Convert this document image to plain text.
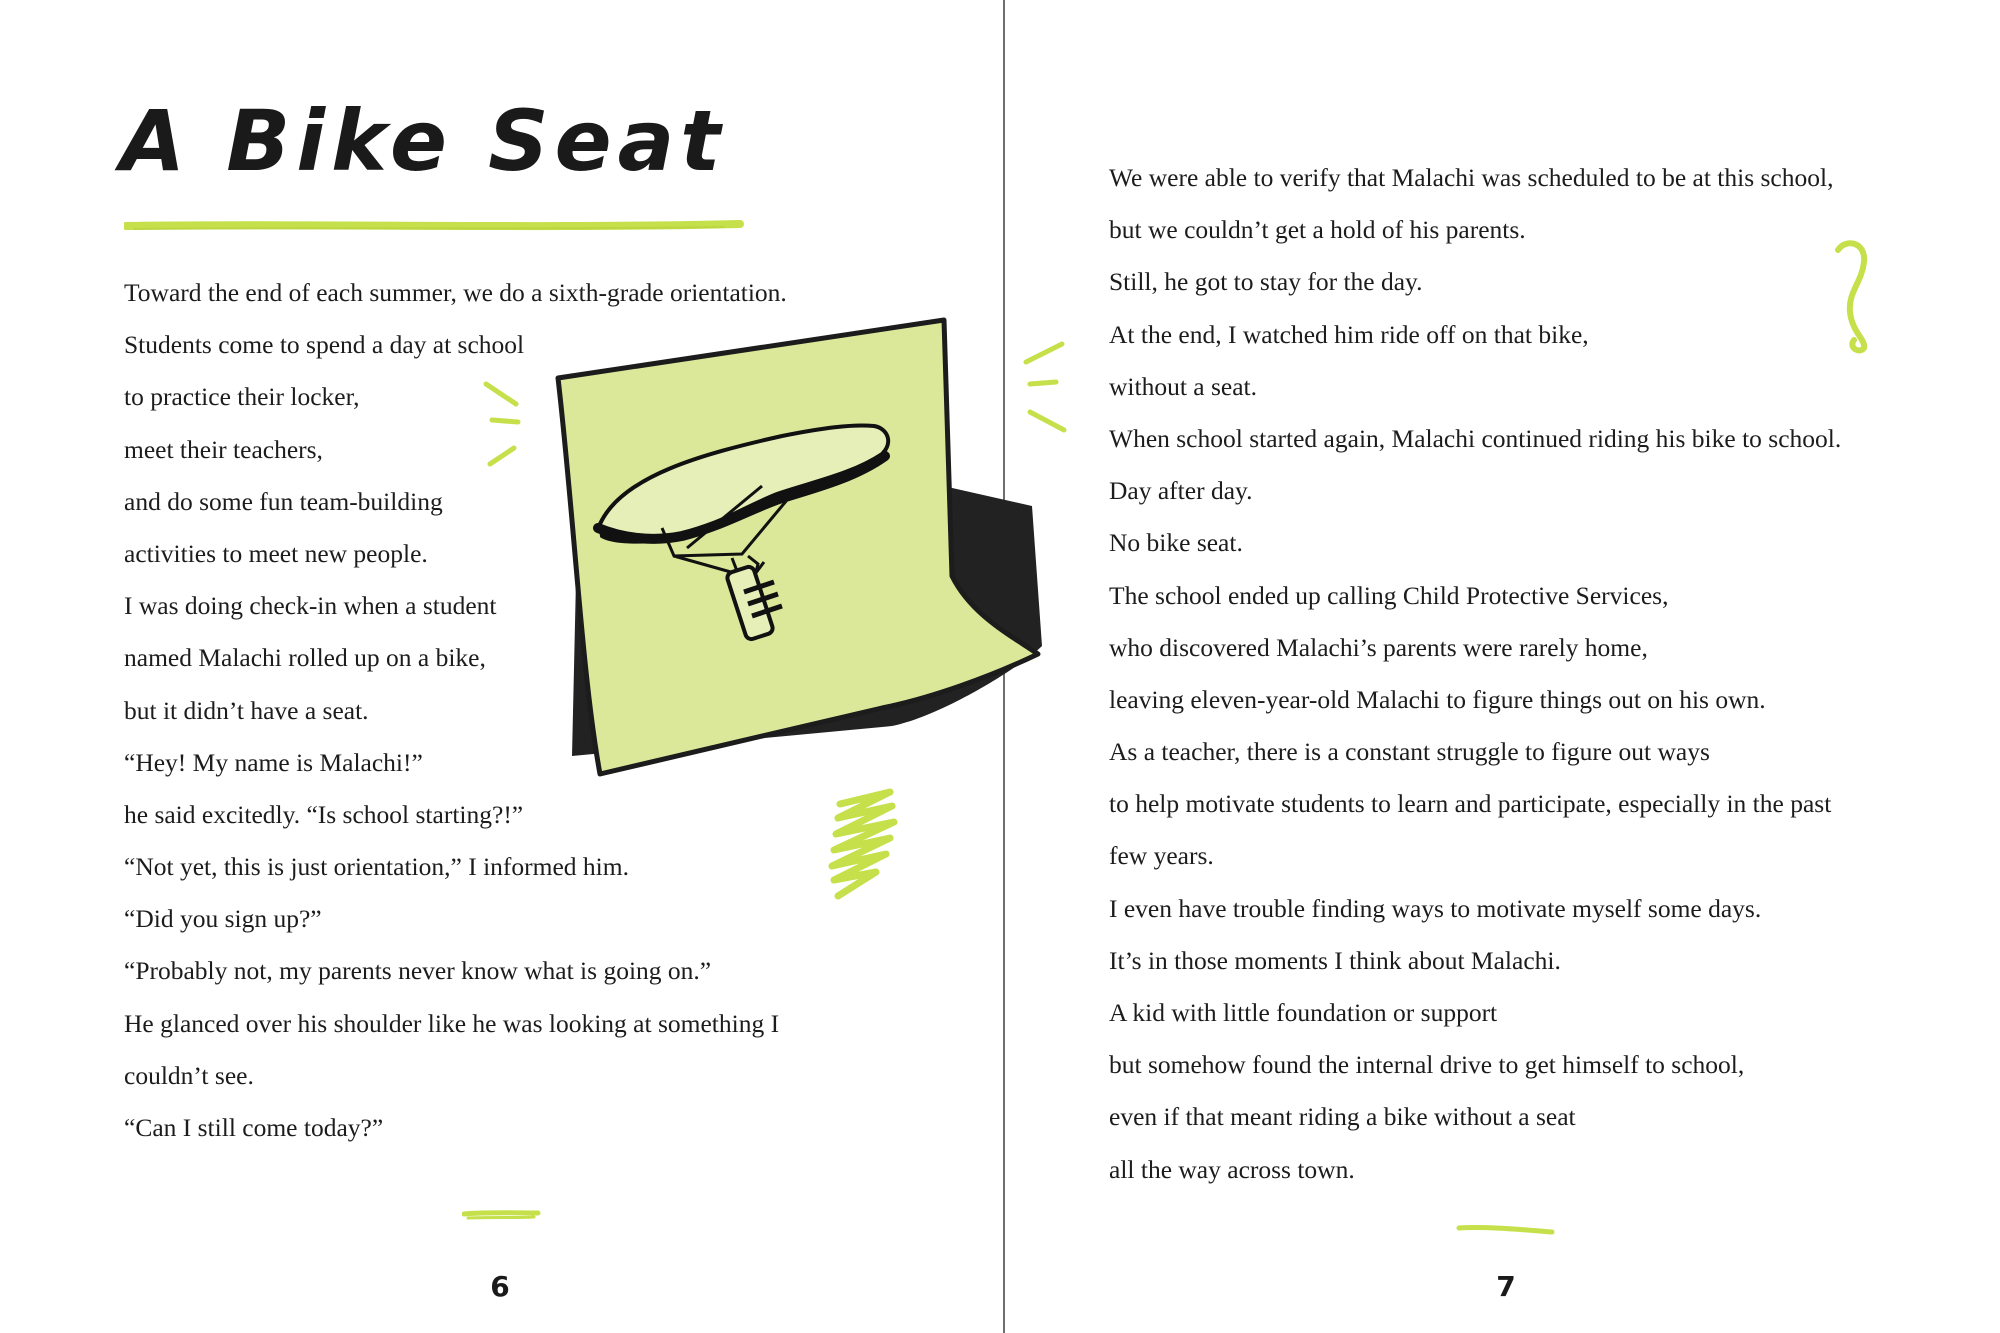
A Bike Seat
Toward the end of each summer, we do a sixth-grade orientation.
Students come to spend a day at school
to practice their locker,
meet their teachers,
and do some fun team-building
activities to meet new people.
I was doing check-in when a student
named Malachi rolled up on a bike,
but it didn’t have a seat.
“Hey! My name is Malachi!”
he said excitedly. “Is school starting?!”
“Not yet, this is just orientation,” I informed him.
“Did you sign up?”
“Probably not, my parents never know what is going on.”
He glanced over his shoulder like he was looking at something I
couldn’t see.
“Can I still come today?”
6
We were able to verify that Malachi was scheduled to be at this school,
but we couldn’t get a hold of his parents.
Still, he got to stay for the day.
At the end, I watched him ride off on that bike,
without a seat.
When school started again, Malachi continued riding his bike to school.
Day after day.
No bike seat.
The school ended up calling Child Protective Services,
who discovered Malachi’s parents were rarely home,
leaving eleven-year-old Malachi to figure things out on his own.
As a teacher, there is a constant struggle to figure out ways
to help motivate students to learn and participate, especially in the past
few years.
I even have trouble finding ways to motivate myself some days.
It’s in those moments I think about Malachi.
A kid with little foundation or support
but somehow found the internal drive to get himself to school,
even if that meant riding a bike without a seat
all the way across town.
7
